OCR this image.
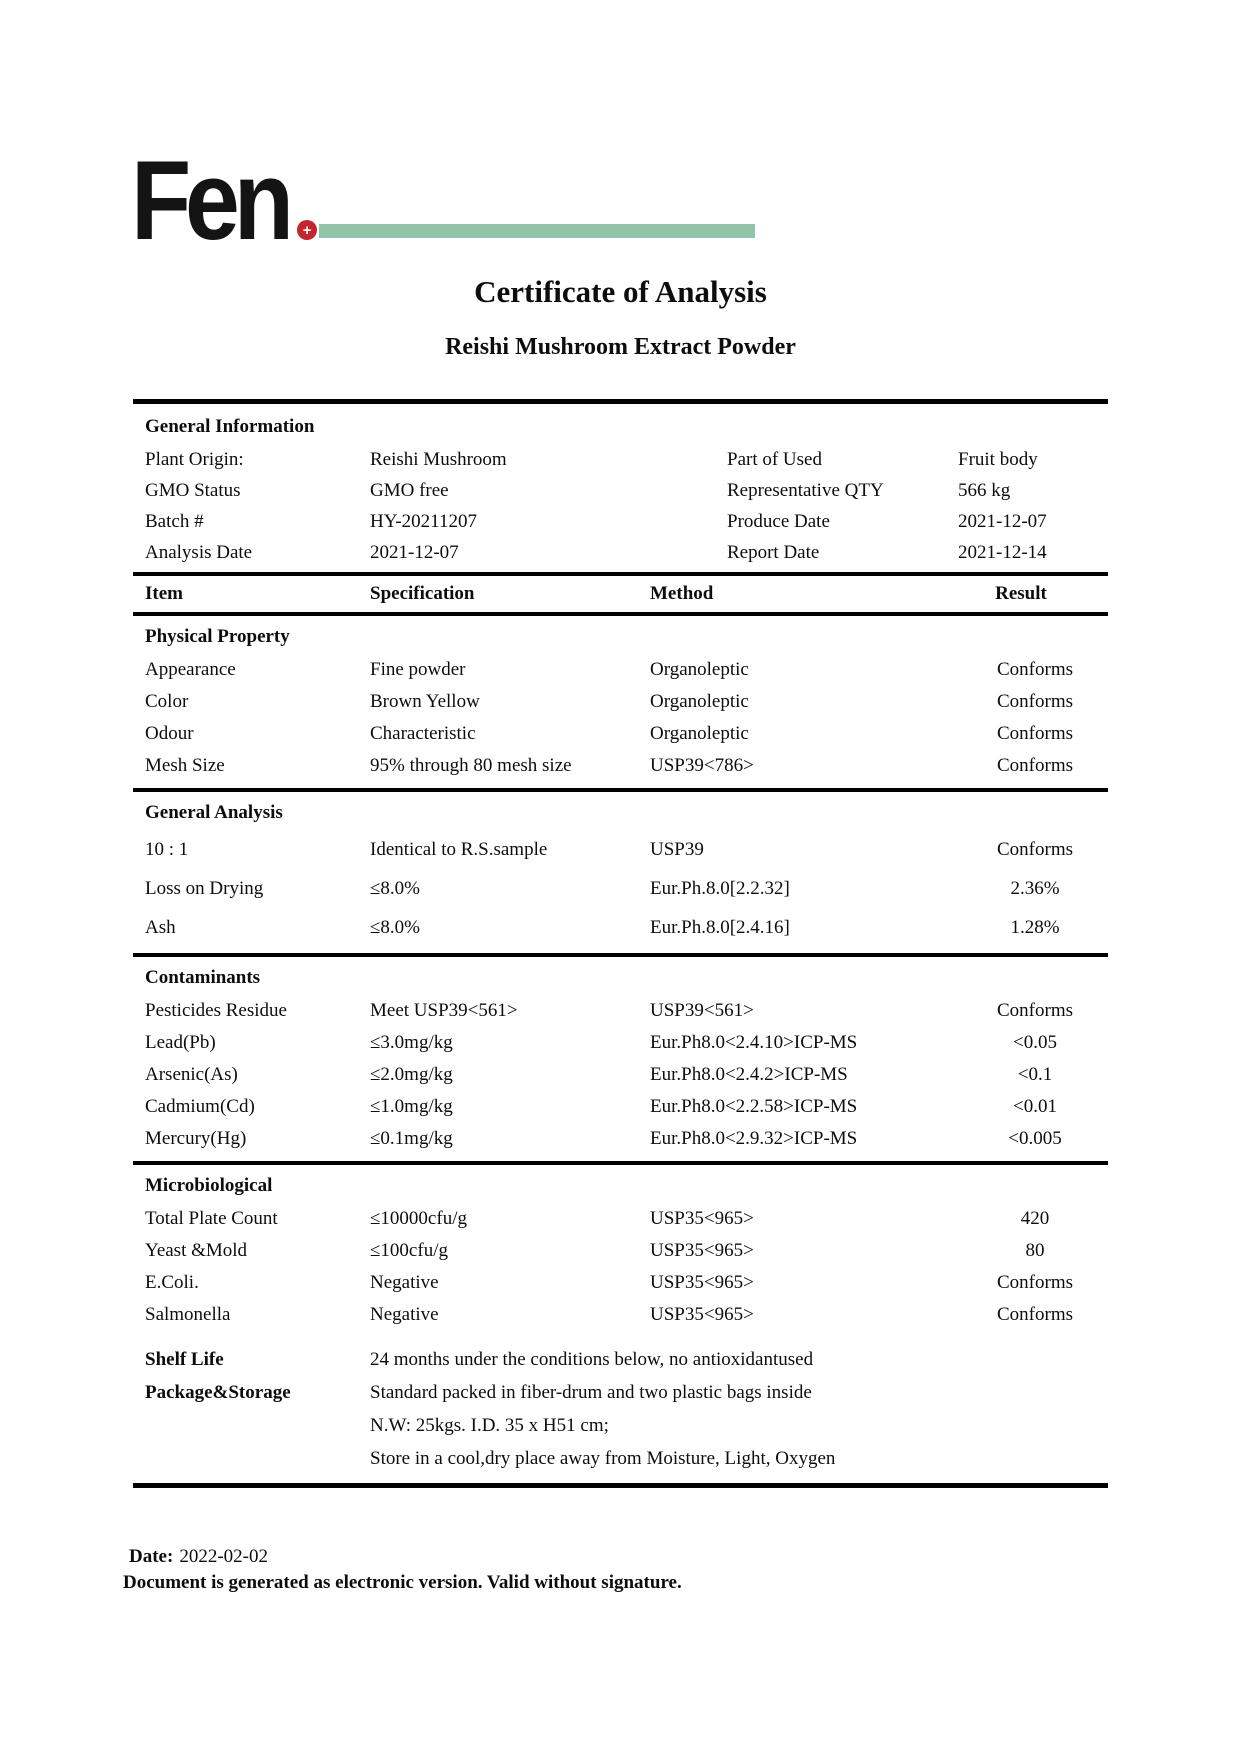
Fen +
Certificate of Analysis
Reishi Mushroom Extract Powder
General Information
Plant Origin:	Reishi Mushroom	Part of Used	Fruit body
GMO Status	GMO free	Representative QTY	566 kg
Batch #	HY-20211207	Produce Date	2021-12-07
Analysis Date	2021-12-07	Report Date	2021-12-14
Item	Specification	Method	Result
Physical Property
Appearance	Fine powder	Organoleptic	Conforms
Color	Brown Yellow	Organoleptic	Conforms
Odour	Characteristic	Organoleptic	Conforms
Mesh Size	95% through 80 mesh size	USP39<786>	Conforms
General Analysis
10 : 1	Identical to R.S.sample	USP39	Conforms
Loss on Drying	≤8.0%	Eur.Ph.8.0[2.2.32]	2.36%
Ash	≤8.0%	Eur.Ph.8.0[2.4.16]	1.28%
Contaminants
Pesticides Residue	Meet USP39<561>	USP39<561>	Conforms
Lead(Pb)	≤3.0mg/kg	Eur.Ph8.0<2.4.10>ICP-MS	<0.05
Arsenic(As)	≤2.0mg/kg	Eur.Ph8.0<2.4.2>ICP-MS	<0.1
Cadmium(Cd)	≤1.0mg/kg	Eur.Ph8.0<2.2.58>ICP-MS	<0.01
Mercury(Hg)	≤0.1mg/kg	Eur.Ph8.0<2.9.32>ICP-MS	<0.005
Microbiological
Total Plate Count	≤10000cfu/g	USP35<965>	420
Yeast &Mold	≤100cfu/g	USP35<965>	80
E.Coli.	Negative	USP35<965>	Conforms
Salmonella	Negative	USP35<965>	Conforms
Shelf Life	24 months under the conditions below, no antioxidantused
Package&Storage	Standard packed in fiber-drum and two plastic bags inside
N.W: 25kgs. I.D. 35 x H51 cm;
Store in a cool,dry place away from Moisture, Light, Oxygen
Date: 2022-02-02
Document is generated as electronic version. Valid without signature.
